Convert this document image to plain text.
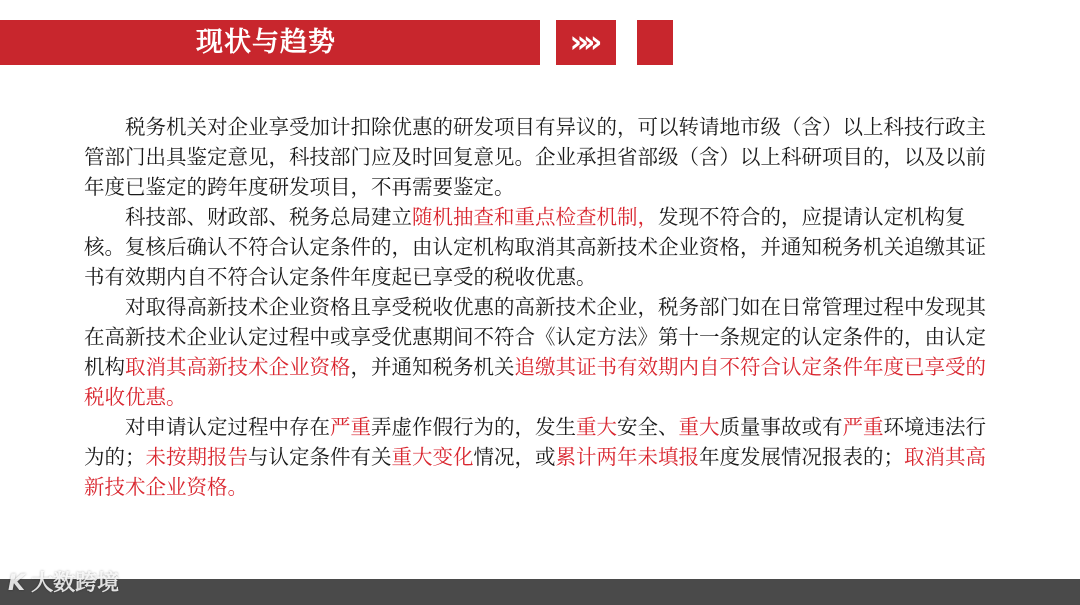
现状与趋势	»»

税务机关对企业享受加计扣除优惠的研发项目有异议的，可以转请地市级（含）以上科技行政主管部门出具鉴定意见，科技部门应及时回复意见。企业承担省部级（含）以上科研项目的，以及以前年度已鉴定的跨年度研发项目，不再需要鉴定。

科技部、财政部、税务总局建立随机抽查和重点检查机制，发现不符合的，应提请认定机构复核。复核后确认不符合认定条件的，由认定机构取消其高新技术企业资格，并通知税务机关追缴其证书有效期内自不符合认定条件年度起已享受的税收优惠。

对取得高新技术企业资格且享受税收优惠的高新技术企业，税务部门如在日常管理过程中发现其在高新技术企业认定过程中或享受优惠期间不符合《认定方法》第十一条规定的认定条件的，由认定机构取消其高新技术企业资格，并通知税务机关追缴其证书有效期内自不符合认定条件年度已享受的税收优惠。

对申请认定过程中存在严重弄虚作假行为的，发生重大安全、重大质量事故或有严重环境违法行为的；未按期报告与认定条件有关重大变化情况，或累计两年未填报年度发展情况报表的；取消其高新技术企业资格。

K 大数跨境
